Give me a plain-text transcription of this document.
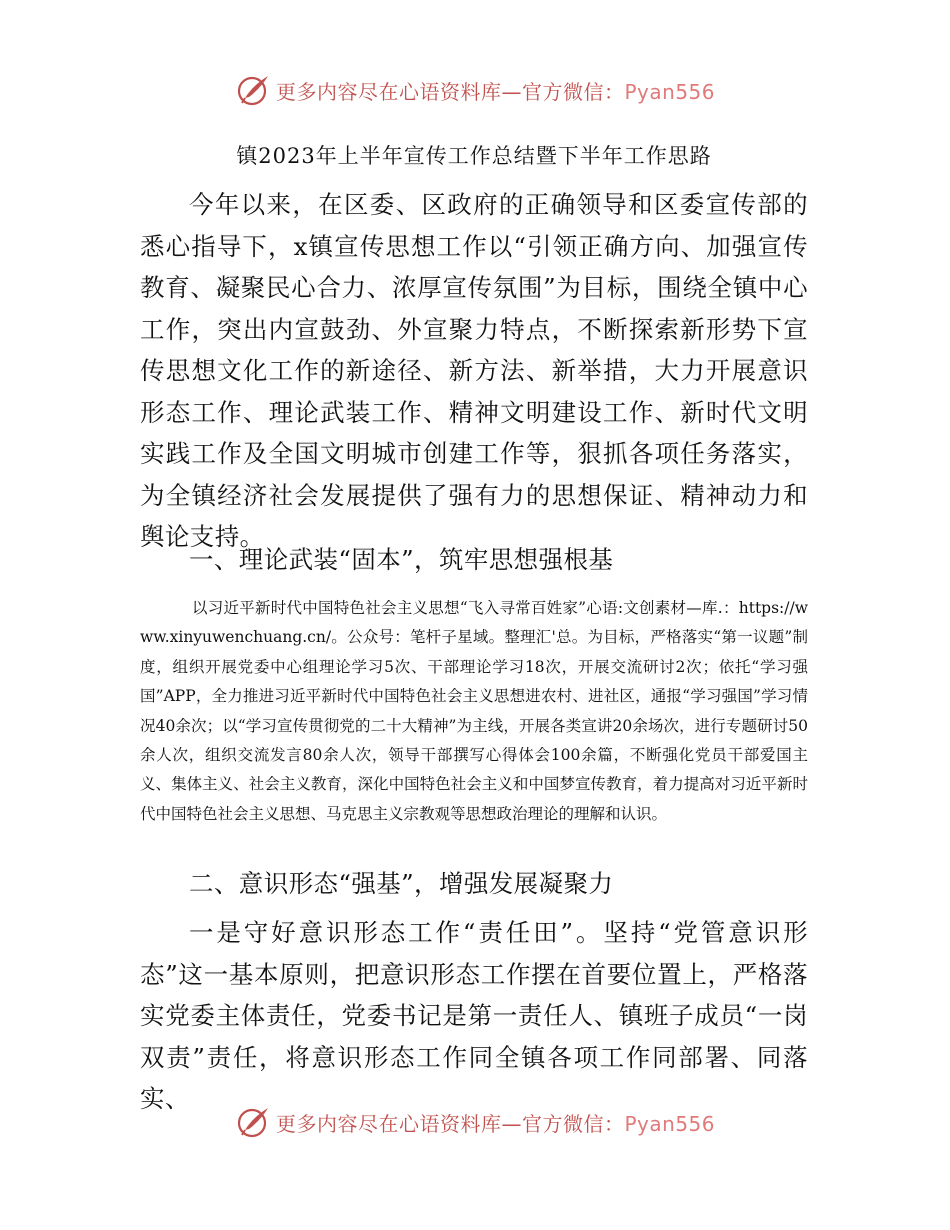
更多内容尽在心语资料库—官方微信：Pyan556
镇2023年上半年宣传工作总结暨下半年工作思路

今年以来，在区委、区政府的正确领导和区委宣传部的悉心指导下，x镇宣传思想工作以“引领正确方向、加强宣传教育、凝聚民心合力、浓厚宣传氛围”为目标，围绕全镇中心工作，突出内宣鼓劲、外宣聚力特点，不断探索新形势下宣传思想文化工作的新途径、新方法、新举措，大力开展意识形态工作、理论武装工作、精神文明建设工作、新时代文明实践工作及全国文明城市创建工作等，狠抓各项任务落实，为全镇经济社会发展提供了强有力的思想保证、精神动力和舆论支持。

一、理论武装“固本”，筑牢思想强根基

以习近平新时代中国特色社会主义思想“飞入寻常百姓家”心语:文创素材—库.：https://www.xinyuwenchuang.cn/。公众号：笔杆子星域。整理汇'总。为目标，严格落实“第一议题”制度，组织开展党委中心组理论学习5次、干部理论学习18次，开展交流研讨2次；依托“学习强国”APP，全力推进习近平新时代中国特色社会主义思想进农村、进社区，通报“学习强国”学习情况40余次；以“学习宣传贯彻党的二十大精神”为主线，开展各类宣讲20余场次，进行专题研讨50余人次，组织交流发言80余人次，领导干部撰写心得体会100余篇，不断强化党员干部爱国主义、集体主义、社会主义教育，深化中国特色社会主义和中国梦宣传教育，着力提高对习近平新时代中国特色社会主义思想、马克思主义宗教观等思想政治理论的理解和认识。

二、意识形态“强基”，增强发展凝聚力

一是守好意识形态工作“责任田”。坚持“党管意识形态”这一基本原则，把意识形态工作摆在首要位置上，严格落实党委主体责任，党委书记是第一责任人、镇班子成员“一岗双责”责任，将意识形态工作同全镇各项工作同部署、同落实、

更多内容尽在心语资料库—官方微信：Pyan556
